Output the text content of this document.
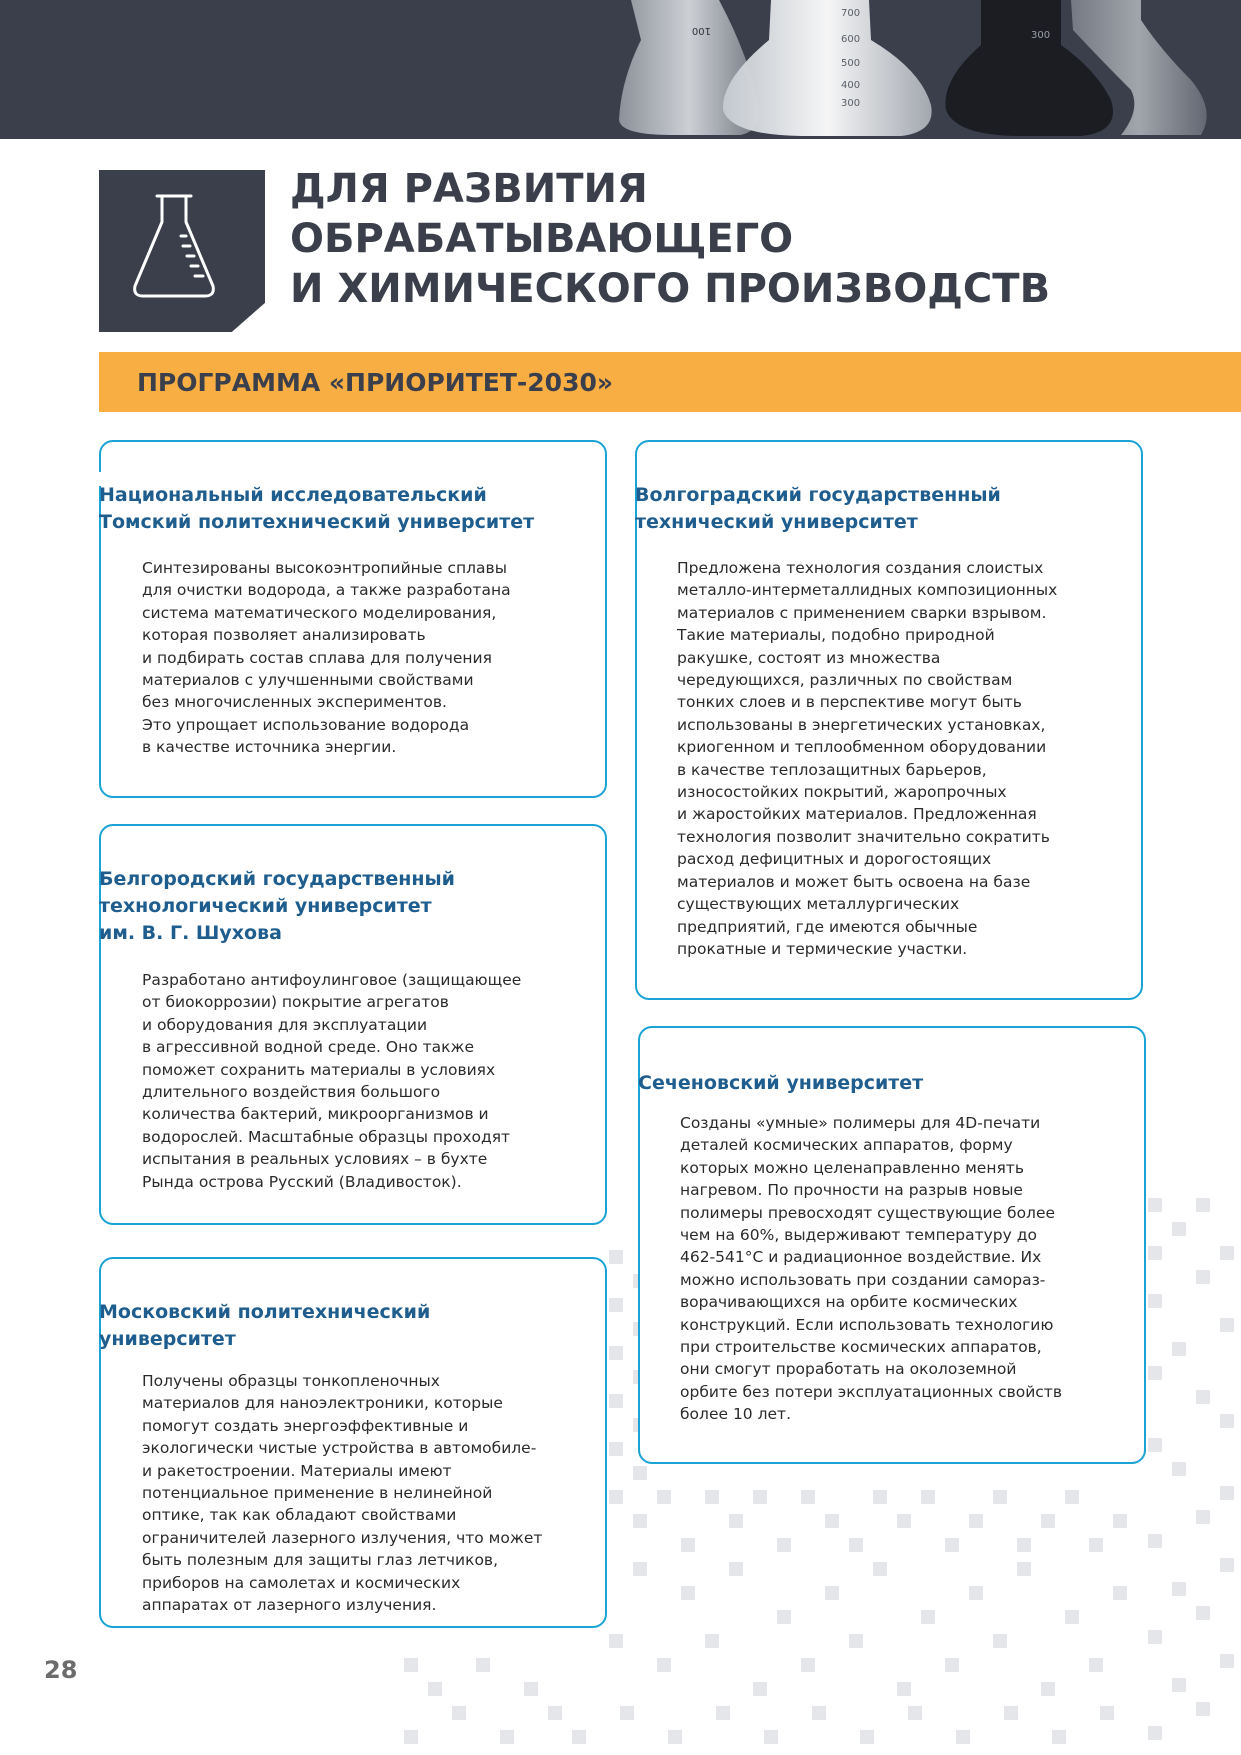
700
600
500
400
300
300
100
ДЛЯ РАЗВИТИЯ
ОБРАБАТЫВАЮЩЕГО
И ХИМИЧЕСКОГО ПРОИЗВОДСТВ
ПРОГРАММА «ПРИОРИТЕТ-2030»
Национальный исследовательский
Томский политехнический университет

Синтезированы высокоэнтропийные сплавы
для очистки водорода, а также разработана
система математического моделирования,
которая позволяет анализировать
и подбирать состав сплава для получения
материалов с улучшенными свойствами
без многочисленных экспериментов.
Это упрощает использование водорода
в качестве источника энергии.

Белгородский государственный
технологический университет
им. В. Г. Шухова

Разработано антифоулинговое (защищающее
от биокоррозии) покрытие агрегатов
и оборудования для эксплуатации
в агрессивной водной среде. Оно также
поможет сохранить материалы в условиях
длительного воздействия большого
количества бактерий, микроорганизмов и
водорослей. Масштабные образцы проходят
испытания в реальных условиях – в бухте
Рында острова Русский (Владивосток).

Московский политехнический
университет

Получены образцы тонкопленочных
материалов для наноэлектроники, которые
помогут создать энергоэффективные и
экологически чистые устройства в автомобиле-
и ракетостроении. Материалы имеют
потенциальное применение в нелинейной
оптике, так как обладают свойствами
ограничителей лазерного излучения, что может
быть полезным для защиты глаз летчиков,
приборов на самолетах и космических
аппаратах от лазерного излучения.

Волгоградский государственный
технический университет

Предложена технология создания слоистых
металло-интерметаллидных композиционных
материалов с применением сварки взрывом.
Такие материалы, подобно природной
ракушке, состоят из множества
чередующихся, различных по свойствам
тонких слоев и в перспективе могут быть
использованы в энергетических установках,
криогенном и теплообменном оборудовании
в качестве теплозащитных барьеров,
износостойких покрытий, жаропрочных
и жаростойких материалов. Предложенная
технология позволит значительно сократить
расход дефицитных и дорогостоящих
материалов и может быть освоена на базе
существующих металлургических
предприятий, где имеются обычные
прокатные и термические участки.

Сеченовский университет

Созданы «умные» полимеры для 4D-печати
деталей космических аппаратов, форму
которых можно целенаправленно менять
нагревом. По прочности на разрыв новые
полимеры превосходят существующие более
чем на 60%, выдерживают температуру до
462-541°С и радиационное воздействие. Их
можно использовать при создании самораз-
ворачивающихся на орбите космических
конструкций. Если использовать технологию
при строительстве космических аппаратов,
они смогут проработать на околоземной
орбите без потери эксплуатационных свойств
более 10 лет.

28
